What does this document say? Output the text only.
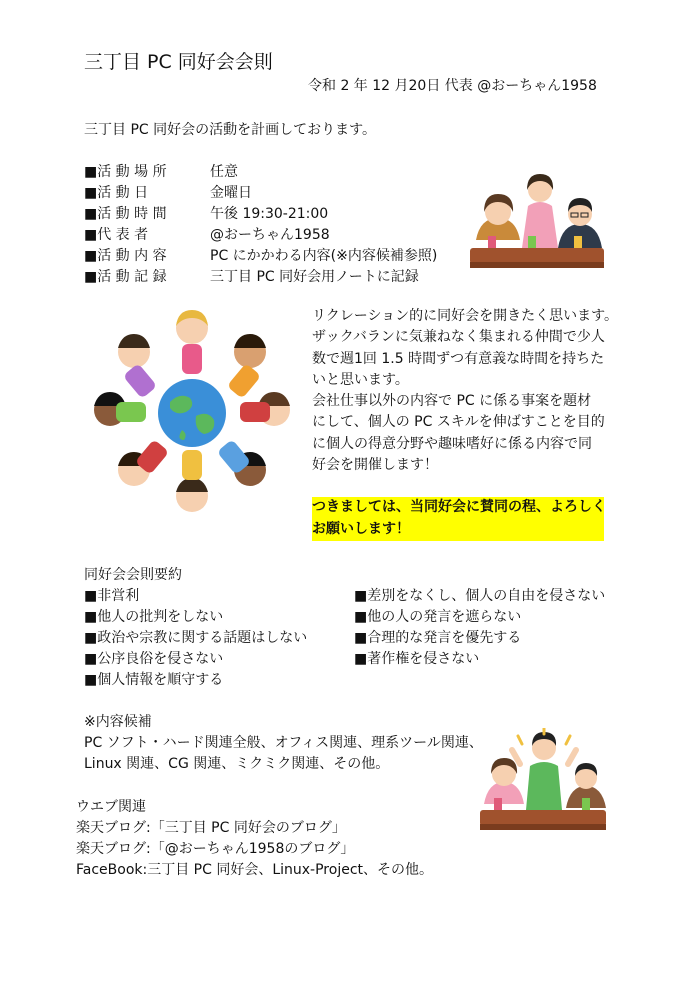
三丁目 PC 同好会会則
令和 2 年 12 月20日 代表 @おーちゃん1958
三丁目 PC 同好会の活動を計画しております。
■活 動 場 所	任意
■活 動 日	金曜日
■活 動 時 間	午後 19:30-21:00
■代 表 者	@おーちゃん1958
■活 動 内 容	PC にかかわる内容(※内容候補参照)
■活 動 記 録	三丁目 PC 同好会用ノートに記録
リクレーション的に同好会を開きたく思います。
ザックバランに気兼ねなく集まれる仲間で少人
数で週1回 1.5 時間ずつ有意義な時間を持ちた
いと思います。
会社仕事以外の内容で PC に係る事案を題材
にして、個人の PC スキルを伸ばすことを目的
に個人の得意分野や趣味嗜好に係る内容で同
好会を開催します！
つきましては、当同好会に賛同の程、よろしく
お願いします！
同好会会則要約
■非営利
■他人の批判をしない
■政治や宗教に関する話題はしない
■公序良俗を侵さない
■個人情報を順守する
■差別をなくし、個人の自由を侵さない
■他の人の発言を遮らない
■合理的な発言を優先する
■著作権を侵さない
※内容候補
PC ソフト・ハード関連全般、オフィス関連、理系ツール関連、
Linux 関連、CG 関連、ミクミク関連、その他。
ウエブ関連
楽天ブログ:「三丁目 PC 同好会のブログ」
楽天ブログ:「@おーちゃん1958のブログ」
FaceBook:三丁目 PC 同好会、Linux-Project、その他。
